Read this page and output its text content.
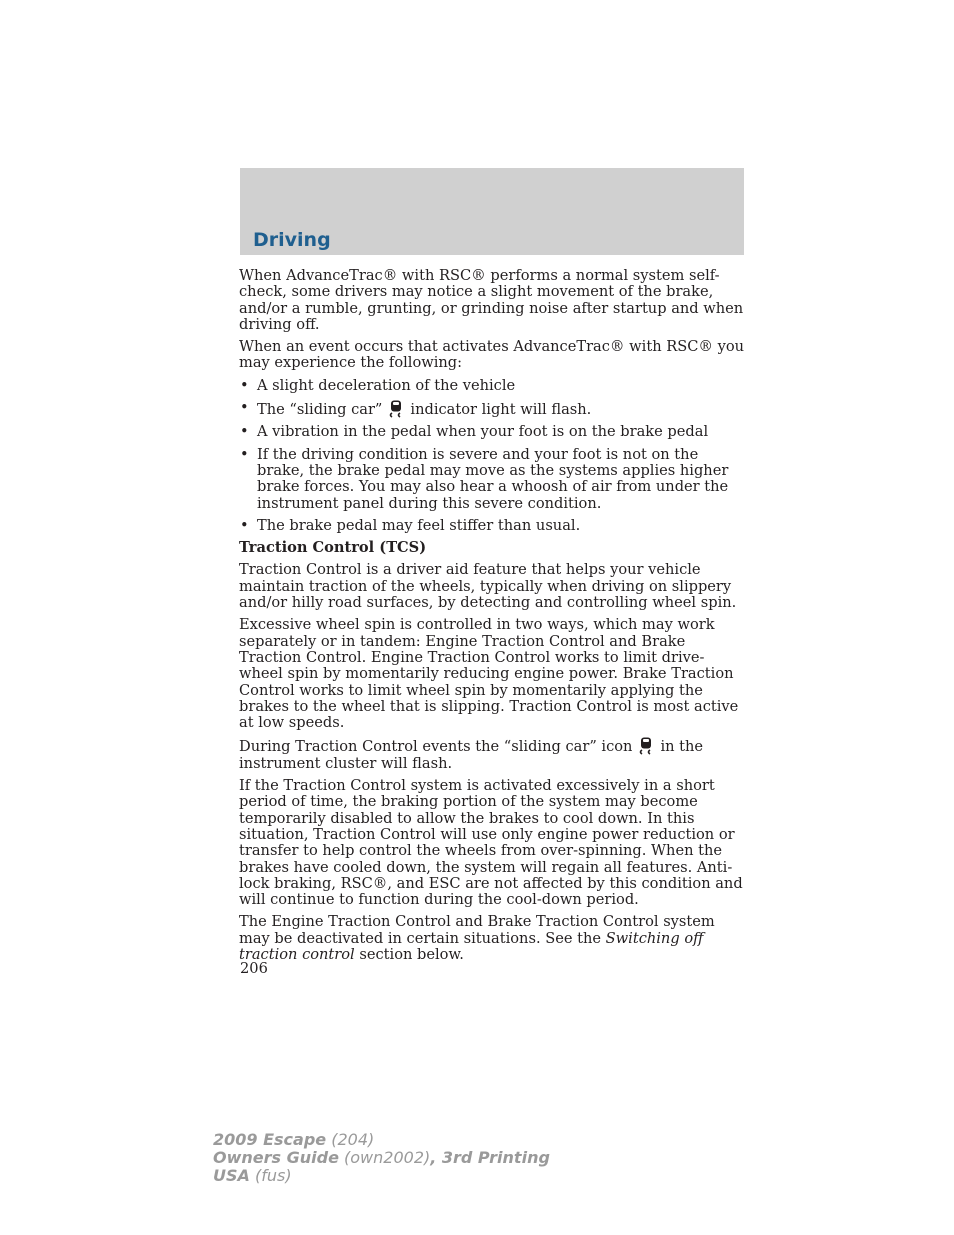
Driving

When AdvanceTrac® with RSC® performs a normal system self-check, some drivers may notice a slight movement of the brake, and/or a rumble, grunting, or grinding noise after startup and when driving off.

When an event occurs that activates AdvanceTrac® with RSC® you may experience the following:

• A slight deceleration of the vehicle
• The “sliding car” indicator light will flash.
• A vibration in the pedal when your foot is on the brake pedal
• If the driving condition is severe and your foot is not on the brake, the brake pedal may move as the systems applies higher brake forces. You may also hear a whoosh of air from under the instrument panel during this severe condition.
• The brake pedal may feel stiffer than usual.
Traction Control (TCS)

Traction Control is a driver aid feature that helps your vehicle maintain traction of the wheels, typically when driving on slippery and/or hilly road surfaces, by detecting and controlling wheel spin.

Excessive wheel spin is controlled in two ways, which may work separately or in tandem: Engine Traction Control and Brake Traction Control. Engine Traction Control works to limit drive-wheel spin by momentarily reducing engine power. Brake Traction Control works to limit wheel spin by momentarily applying the brakes to the wheel that is slipping. Traction Control is most active at low speeds.

During Traction Control events the “sliding car” icon in the instrument cluster will flash.

If the Traction Control system is activated excessively in a short period of time, the braking portion of the system may become temporarily disabled to allow the brakes to cool down. In this situation, Traction Control will use only engine power reduction or transfer to help control the wheels from over-spinning. When the brakes have cooled down, the system will regain all features. Anti-lock braking, RSC®, and ESC are not affected by this condition and will continue to function during the cool-down period.

The Engine Traction Control and Brake Traction Control system may be deactivated in certain situations. See the Switching off traction control section below.

206
2009 Escape (204)
Owners Guide (own2002), 3rd Printing
USA (fus)
